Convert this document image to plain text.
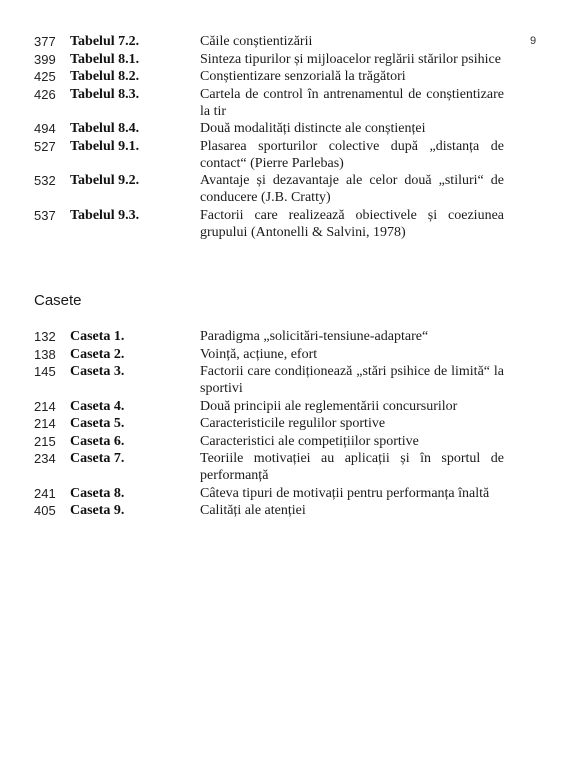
9
377	Tabelul 7.2.	Căile conștientizării
399	Tabelul 8.1.	Sinteza tipurilor și mijloacelor reglării stărilor psihice
425	Tabelul 8.2.	Conștientizare senzorială la trăgători
426	Tabelul 8.3.	Cartela de control în antrenamentul de conștientizare la tir
494	Tabelul 8.4.	Două modalități distincte ale conștienței
527	Tabelul 9.1.	Plasarea sporturilor colective după „distanța de contact“ (Pierre Parlebas)
532	Tabelul 9.2.	Avantaje și dezavantaje ale celor două „stiluri“ de conducere (J.B. Cratty)
537	Tabelul 9.3.	Factorii care realizează obiectivele și coeziunea grupului (Antonelli & Salvini, 1978)
Casete
132	Caseta 1.	Paradigma „solicitări-tensiune-adaptare“
138	Caseta 2.	Voință, acțiune, efort
145	Caseta 3.	Factorii care condiționează „stări psihice de limită“ la sportivi
214	Caseta 4.	Două principii ale reglementării concursurilor
214	Caseta 5.	Caracteristicile regulilor sportive
215	Caseta 6.	Caracteristici ale competițiilor sportive
234	Caseta 7.	Teoriile motivației au aplicații și în sportul de performanță
241	Caseta 8.	Câteva tipuri de motivații pentru performanța înaltă
405	Caseta 9.	Calități ale atenției
